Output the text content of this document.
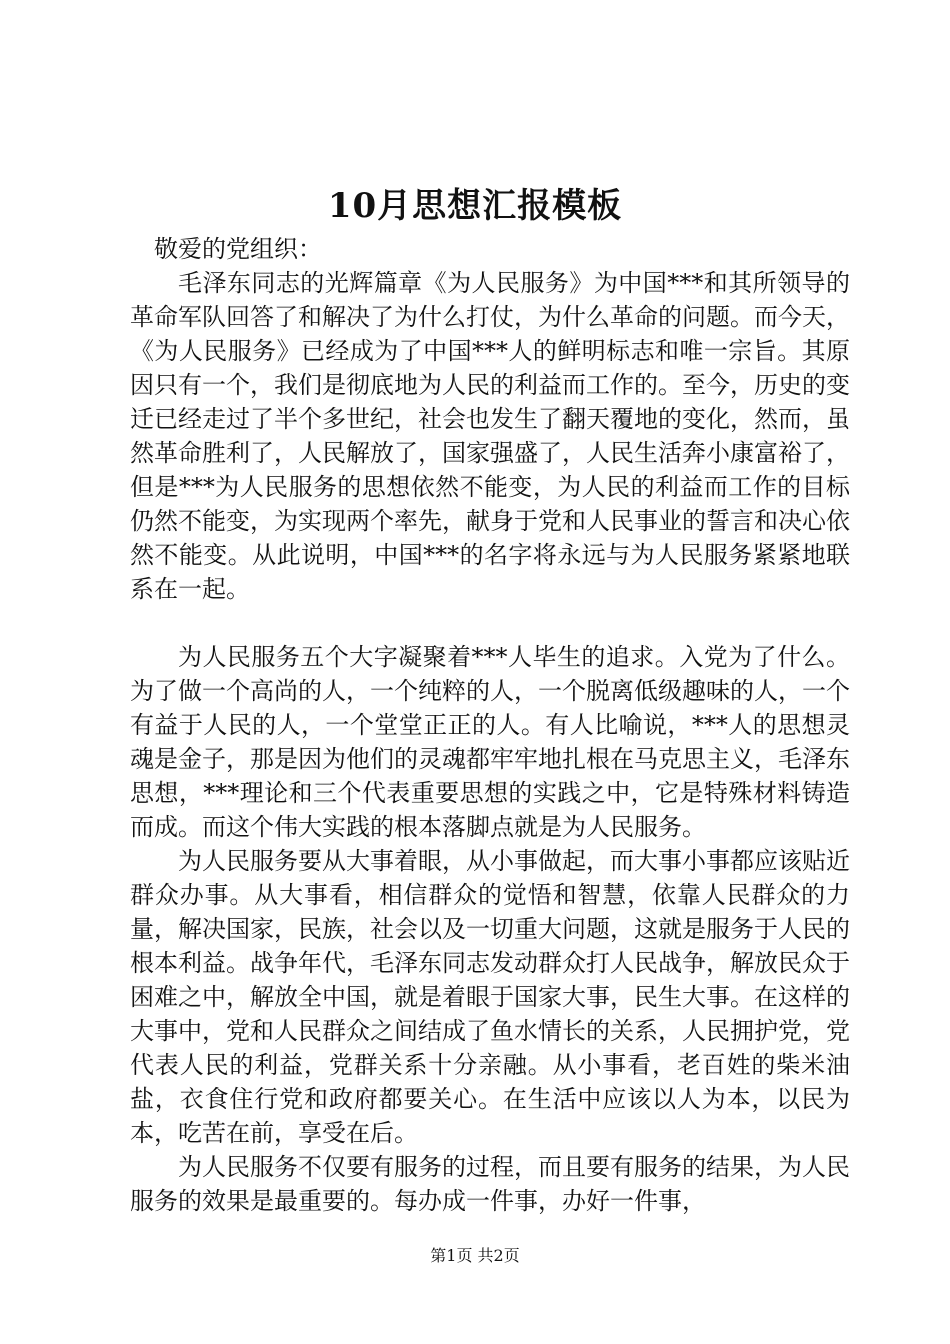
10月思想汇报模板

敬爱的党组织：

毛泽东同志的光辉篇章《为人民服务》为中国***和其所领导的革命军队回答了和解决了为什么打仗，为什么革命的问题。而今天，《为人民服务》已经成为了中国***人的鲜明标志和唯一宗旨。其原因只有一个，我们是彻底地为人民的利益而工作的。至今，历史的变迁已经走过了半个多世纪，社会也发生了翻天覆地的变化，然而，虽然革命胜利了，人民解放了，国家强盛了，人民生活奔小康富裕了，但是***为人民服务的思想依然不能变，为人民的利益而工作的目标仍然不能变，为实现两个率先，献身于党和人民事业的誓言和决心依然不能变。从此说明，中国***的名字将永远与为人民服务紧紧地联系在一起。

为人民服务五个大字凝聚着***人毕生的追求。入党为了什么。为了做一个高尚的人，一个纯粹的人，一个脱离低级趣味的人，一个有益于人民的人，一个堂堂正正的人。有人比喻说，***人的思想灵魂是金子，那是因为他们的灵魂都牢牢地扎根在马克思主义，毛泽东思想，***理论和三个代表重要思想的实践之中，它是特殊材料铸造而成。而这个伟大实践的根本落脚点就是为人民服务。

为人民服务要从大事着眼，从小事做起，而大事小事都应该贴近群众办事。从大事看，相信群众的觉悟和智慧，依靠人民群众的力量，解决国家，民族，社会以及一切重大问题，这就是服务于人民的根本利益。战争年代，毛泽东同志发动群众打人民战争，解放民众于困难之中，解放全中国，就是着眼于国家大事，民生大事。在这样的大事中，党和人民群众之间结成了鱼水情长的关系，人民拥护党，党代表人民的利益，党群关系十分亲融。从小事看，老百姓的柴米油盐，衣食住行党和政府都要关心。在生活中应该以人为本，以民为本，吃苦在前，享受在后。

为人民服务不仅要有服务的过程，而且要有服务的结果，为人民服务的效果是最重要的。每办成一件事，办好一件事，

第1页 共2页
